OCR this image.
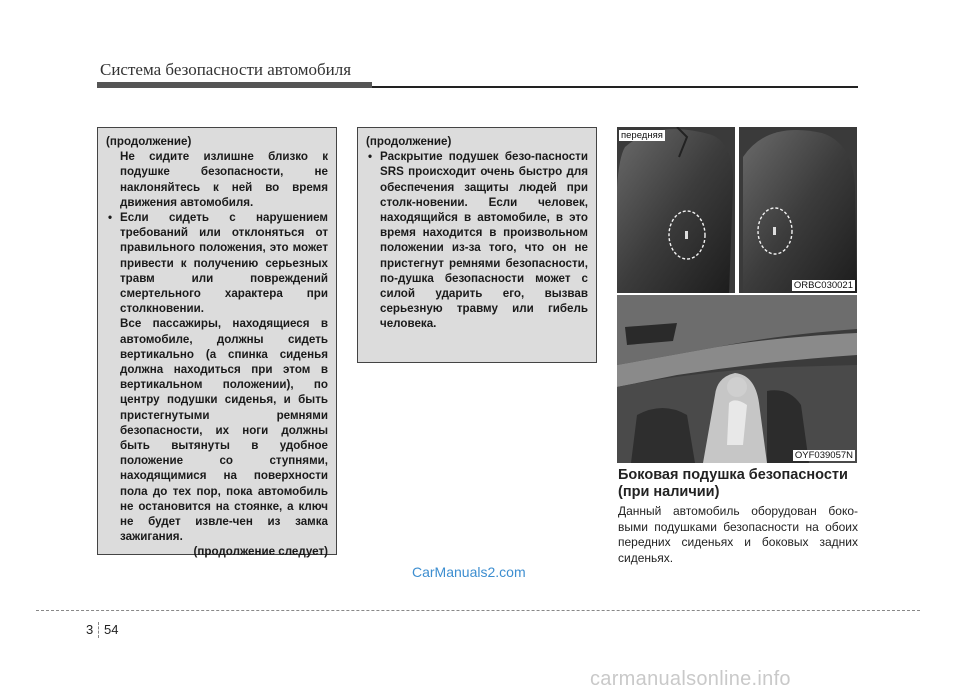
Система безопасности автомобиля

(продолжение)

Не сидите излишне близко к подушке безопасности, не наклоняйтесь к ней во время движения автомобиля.

• Если сидеть с нарушением требований или отклоняться от правильного положения, это может привести к получению серьезных травм или повреждений смертельного характера при столкновении.

Все пассажиры, находящиеся в автомобиле, должны сидеть вертикально (а спинка сиденья должна находиться при этом в вертикальном положении), по центру подушки сиденья, и быть пристегнутыми ремнями безопасности, их ноги должны быть вытянуты в удобное положение со ступнями, находящимися на поверхности пола до тех пор, пока автомобиль не остановится на стоянке, а ключ не будет извле-чен из замка зажигания.

(продолжение следует)

(продолжение)

• Раскрытие подушек безо-пасности SRS происходит очень быстро для обеспечения защиты людей при столк-новении. Если человек, находящийся в автомобиле, в это время находится в произвольном положении из-за того, что он не пристегнут ремнями безопасности, по-душка безопасности может с силой ударить его, вызвав серьезную травму или гибель человека.

передняя
ORBC030021
OYF039057N
Боковая подушка безопасности
(при наличии)

Данный автомобиль оборудован боко-выми подушками безопасности на обоих передних сиденьях и боковых задних сиденьях.

CarManuals2.com
3 54
carmanualsonline.info
